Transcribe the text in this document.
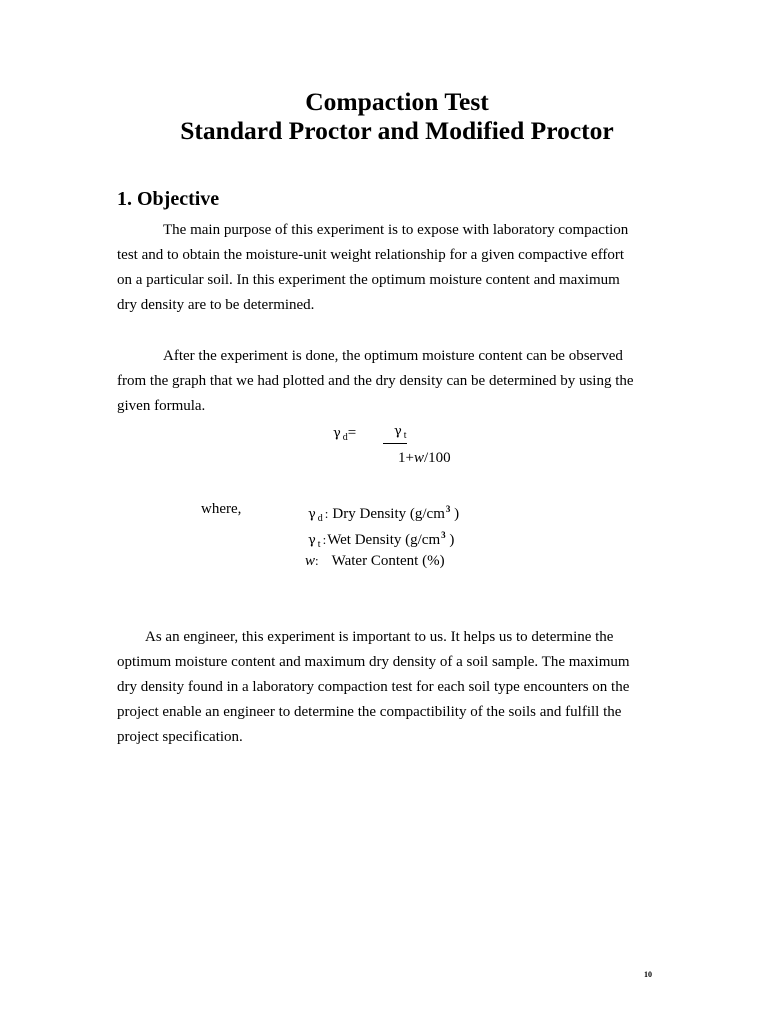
Compaction Test
Standard Proctor and Modified Proctor
1. Objective
The main purpose of this experiment is to expose with laboratory compaction
test and to obtain the moisture-unit weight relationship for a given compactive effort
on a particular soil. In this experiment the optimum moisture content and maximum
dry density are to be determined.
After the experiment is done, the optimum moisture content can be observed
from the graph that we had plotted and the dry density can be determined by using the
given formula.
γ $_d$=	γ $_t$
1+w/100
where,	γ $_d$ : Dry Density ($g/cm^3$ )
γ $_t$ :Wet Density ($g/cm^3$ )
w: Water Content (%)
As an engineer, this experiment is important to us. It helps us to determine the
optimum moisture content and maximum dry density of a soil sample. The maximum
dry density found in a laboratory compaction test for each soil type encounters on the
project enable an engineer to determine the compactibility of the soils and fulfill the
project specification.
10
